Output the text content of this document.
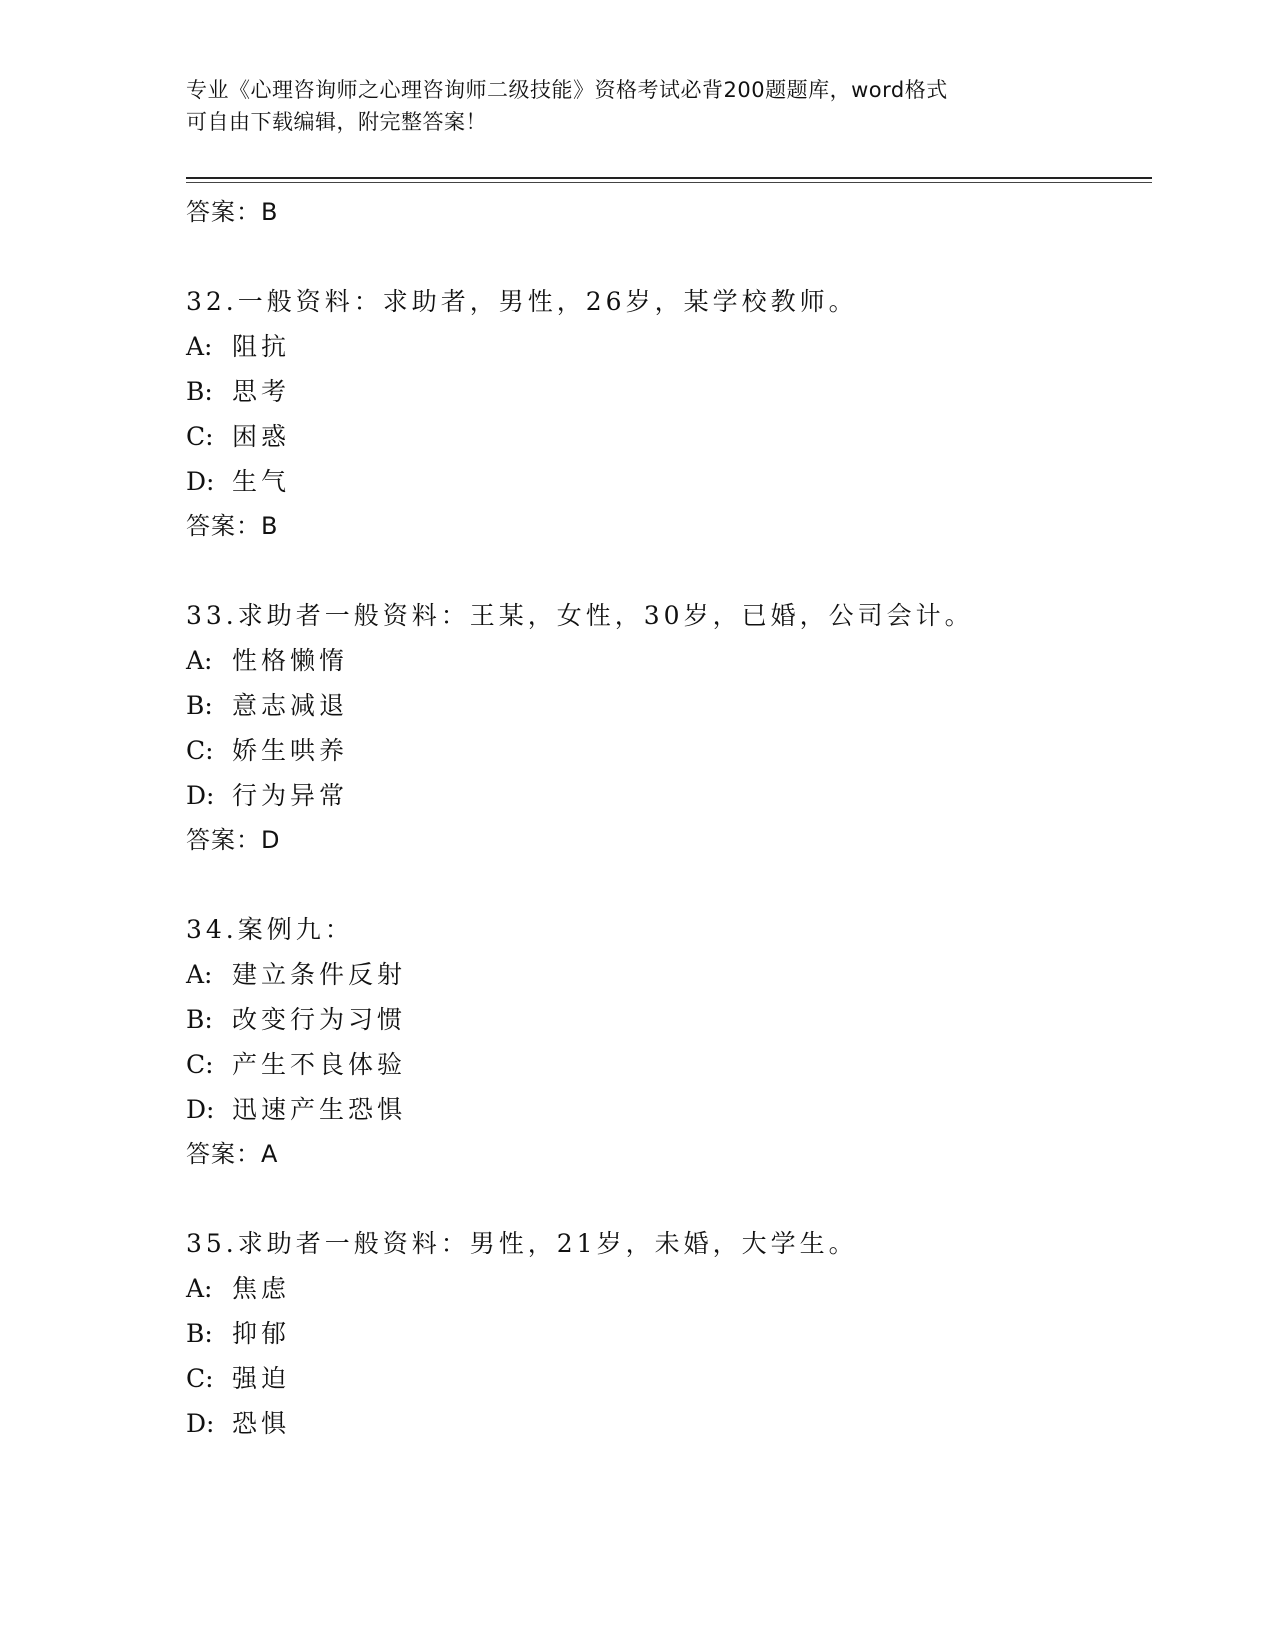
专业《心理咨询师之心理咨询师二级技能》资格考试必背200题题库，word格式
可自由下载编辑，附完整答案！
答案：B
32.一般资料：求助者，男性，26岁，某学校教师。
A: 阻抗
B: 思考
C: 困惑
D: 生气
答案：B
33.求助者一般资料：王某，女性，30岁，已婚，公司会计。
A: 性格懒惰
B: 意志减退
C: 娇生哄养
D: 行为异常
答案：D
34.案例九：
A: 建立条件反射
B: 改变行为习惯
C: 产生不良体验
D: 迅速产生恐惧
答案：A
35.求助者一般资料：男性，21岁，未婚，大学生。
A: 焦虑
B: 抑郁
C: 强迫
D: 恐惧
